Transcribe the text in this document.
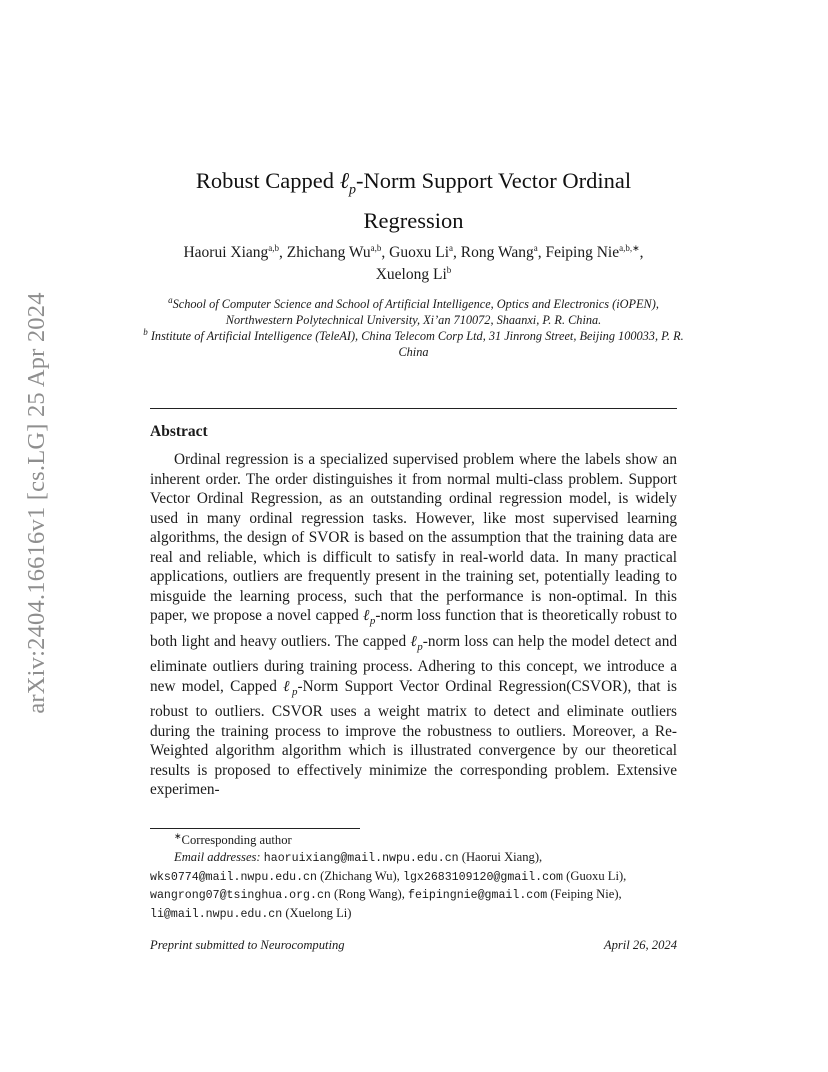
arXiv:2404.16616v1 [cs.LG] 25 Apr 2024
Robust Capped ℓ$_p$-Norm Support Vector Ordinal
Regression
Haorui Xiang$^{a,b}$, Zhichang Wu$^{a,b}$, Guoxu Li$^a$, Rong Wang$^a$, Feiping Nie$^{a,b,∗}$,
Xuelong Li$^b$
$^a$School of Computer Science and School of Artificial Intelligence, Optics and Electronics (iOPEN), Northwestern Polytechnical University, Xi’an 710072, Shaanxi, P. R. China.
$^b$ Institute of Artificial Intelligence (TeleAI), China Telecom Corp Ltd, 31 Jinrong Street, Beijing 100033, P. R. China
Abstract
Ordinal regression is a specialized supervised problem where the labels show an inherent order. The order distinguishes it from normal multi-class problem. Support Vector Ordinal Regression, as an outstanding ordinal regression model, is widely used in many ordinal regression tasks. However, like most supervised learning algorithms, the design of SVOR is based on the assumption that the training data are real and reliable, which is difficult to satisfy in real-world data. In many practical applications, outliers are frequently present in the training set, potentially leading to misguide the learning process, such that the performance is non-optimal. In this paper, we propose a novel capped ℓ$_p$-norm loss function that is theoretically robust to both light and heavy outliers. The capped ℓ$_p$-norm loss can help the model detect and eliminate outliers during training process. Adhering to this concept, we introduce a new model, Capped ℓ$_p$-Norm Support Vector Ordinal Regression(CSVOR), that is robust to outliers. CSVOR uses a weight matrix to detect and eliminate outliers during the training process to improve the robustness to outliers. Moreover, a Re-Weighted algorithm algorithm which is illustrated convergence by our theoretical results is proposed to effectively minimize the corresponding problem. Extensive experimen-
∗Corresponding author
Email addresses: haoruixiang@mail.nwpu.edu.cn (Haorui Xiang),
wks0774@mail.nwpu.edu.cn (Zhichang Wu), lgx2683109120@gmail.com (Guoxu Li),
wangrong07@tsinghua.org.cn (Rong Wang), feipingnie@gmail.com (Feiping Nie),
li@mail.nwpu.edu.cn (Xuelong Li)
Preprint submitted to Neurocomputing	April 26, 2024
